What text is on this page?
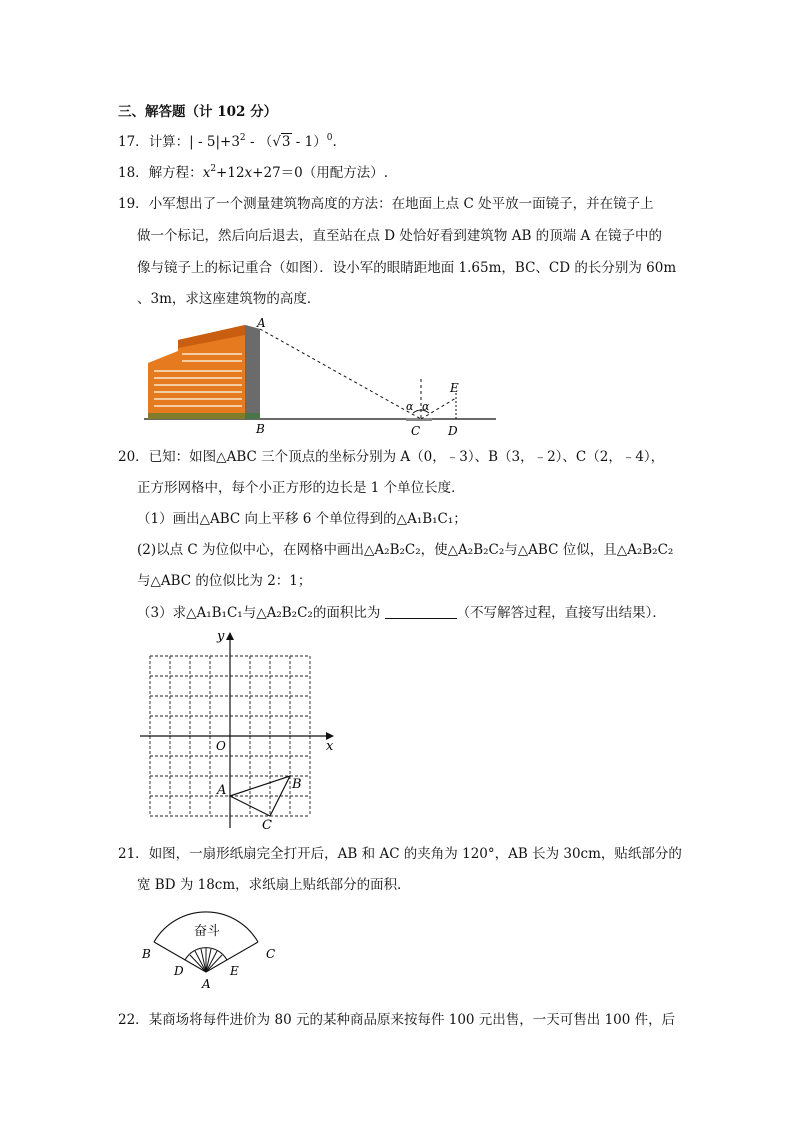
三、解答题（计 102 分）
17．计算：| - $5|+3^2 - (√3 - 1)^0$.
18．解方程：$x^2+12x+27=0$（用配方法）.
19．小军想出了一个测量建筑物高度的方法：在地面上点 C 处平放一面镜子，并在镜子上
做一个标记，然后向后退去，直至站在点 D 处恰好看到建筑物 AB 的顶端 A 在镜子中的
像与镜子上的标记重合（如图）．设小军的眼睛距地面 1.65m，BC、CD 的长分别为 60m
、3m，求这座建筑物的高度．
A
B	C D
E
α α
20．已知：如图△ABC 三个顶点的坐标分别为 A（0，﹣3）、B（3，﹣2）、C（2，﹣4），
正方形网格中，每个小正方形的边长是 1 个单位长度．
（1）画出△ABC 向上平移 6 个单位得到的△A₁B₁C₁；
(2)以点 C 为位似中心，在网格中画出△A₂B₂C₂，使△A₂B₂C₂与△ABC 位似，且△A₂B₂C₂
与△ABC 的位似比为 2：1；
（3）求△A₁B₁C₁与△A₂B₂C₂的面积比为	（不写解答过程，直接写出结果）．
x
y
O
A	B
C
21．如图，一扇形纸扇完全打开后，AB 和 AC 的夹角为 120°，AB 长为 30cm，贴纸部分的
宽 BD 为 18cm，求纸扇上贴纸部分的面积．
奋斗
B	C
D	E
A
22．某商场将每件进价为 80 元的某种商品原来按每件 100 元出售，一天可售出 100 件，后
